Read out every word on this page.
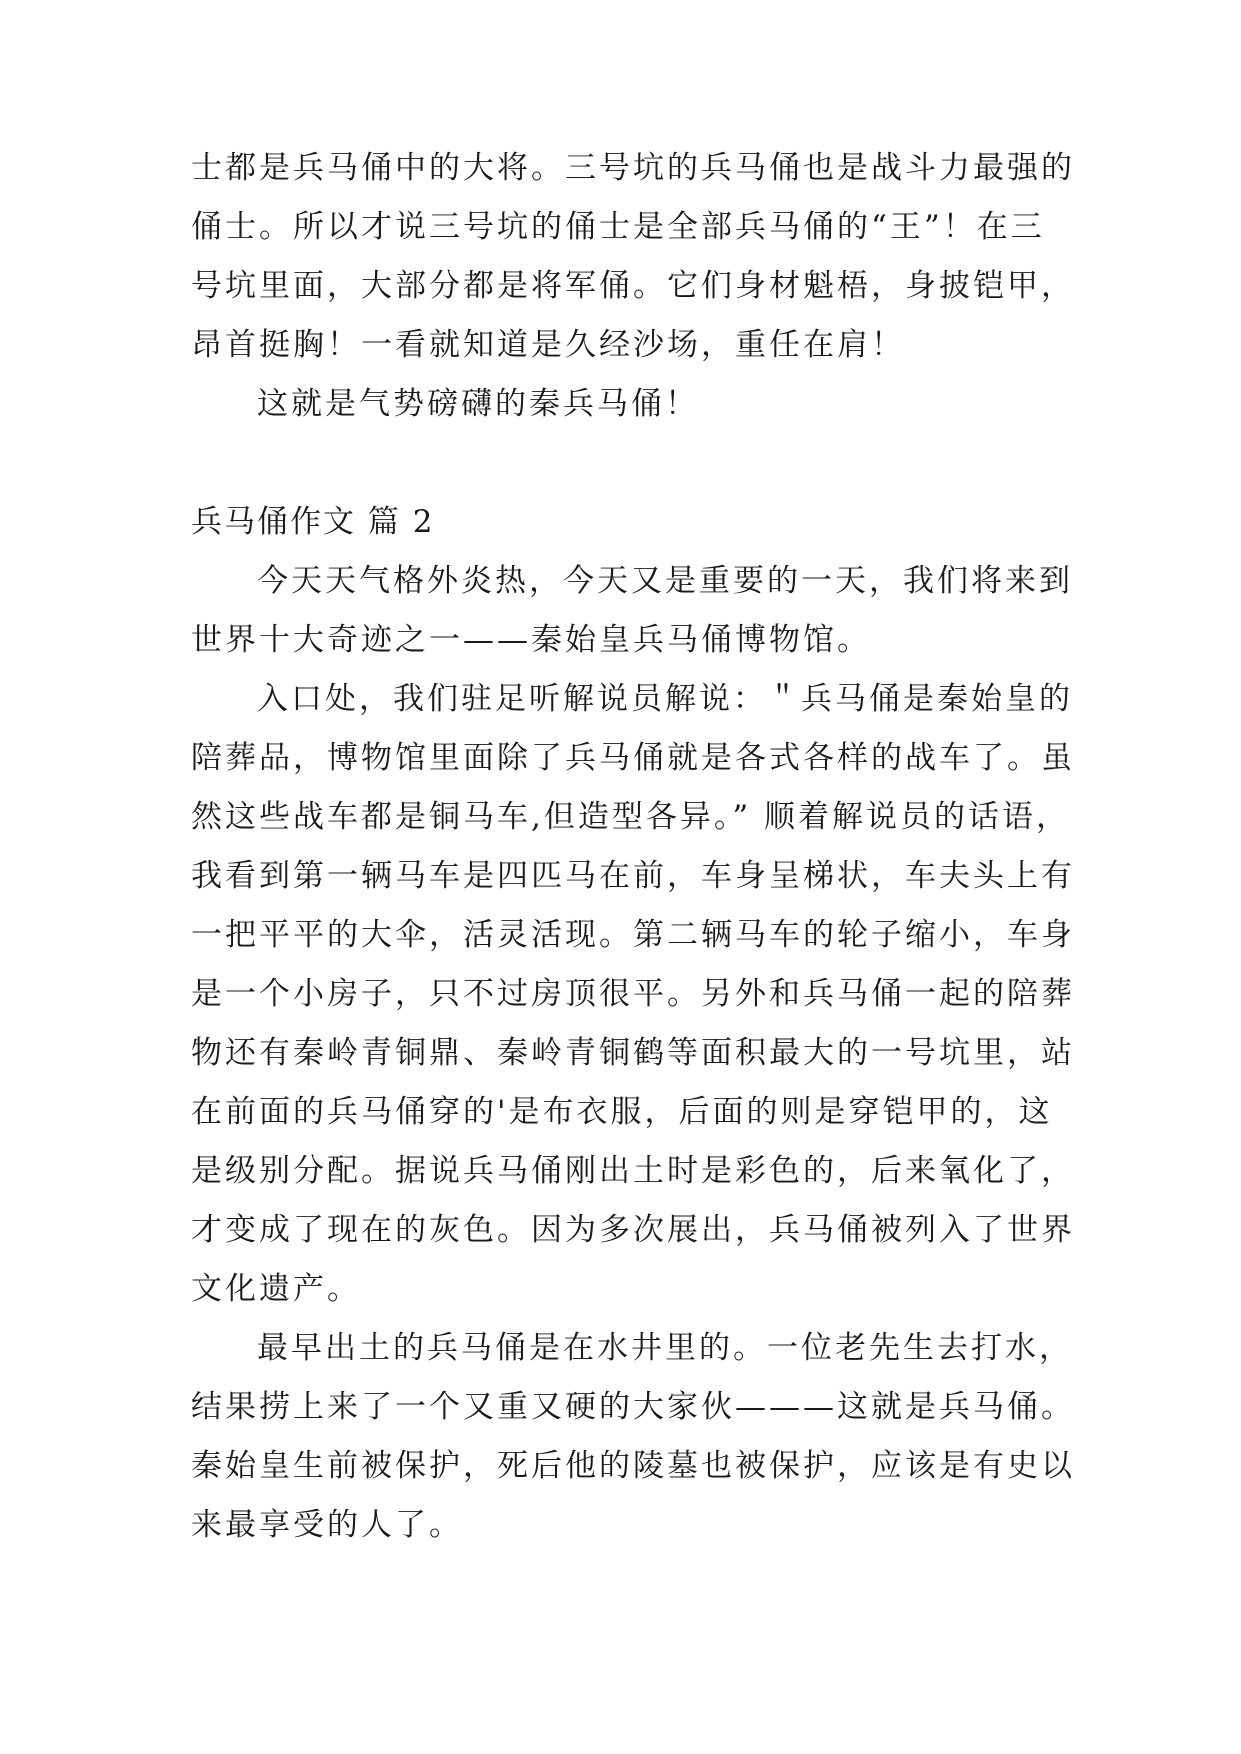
士都是兵马俑中的大将。三号坑的兵马俑也是战斗力最强的
俑士。所以才说三号坑的俑士是全部兵马俑的“王”！在三
号坑里面，大部分都是将军俑。它们身材魁梧，身披铠甲，
昂首挺胸！一看就知道是久经沙场，重任在肩！
这就是气势磅礴的秦兵马俑！
兵马俑作文 篇 2
今天天气格外炎热，今天又是重要的一天，我们将来到
世界十大奇迹之一——秦始皇兵马俑博物馆。
入口处，我们驻足听解说员解说：＂兵马俑是秦始皇的
陪葬品，博物馆里面除了兵马俑就是各式各样的战车了。虽
然这些战车都是铜马车,但造型各异。” 顺着解说员的话语，
我看到第一辆马车是四匹马在前，车身呈梯状，车夫头上有
一把平平的大伞，活灵活现。第二辆马车的轮子缩小，车身
是一个小房子，只不过房顶很平。另外和兵马俑一起的陪葬
物还有秦岭青铜鼎、秦岭青铜鹤等面积最大的一号坑里，站
在前面的兵马俑穿的'是布衣服，后面的则是穿铠甲的，这
是级别分配。据说兵马俑刚出土时是彩色的，后来氧化了，
才变成了现在的灰色。因为多次展出，兵马俑被列入了世界
文化遗产。
最早出土的兵马俑是在水井里的。一位老先生去打水，
结果捞上来了一个又重又硬的大家伙———这就是兵马俑。
秦始皇生前被保护，死后他的陵墓也被保护，应该是有史以
来最享受的人了。
